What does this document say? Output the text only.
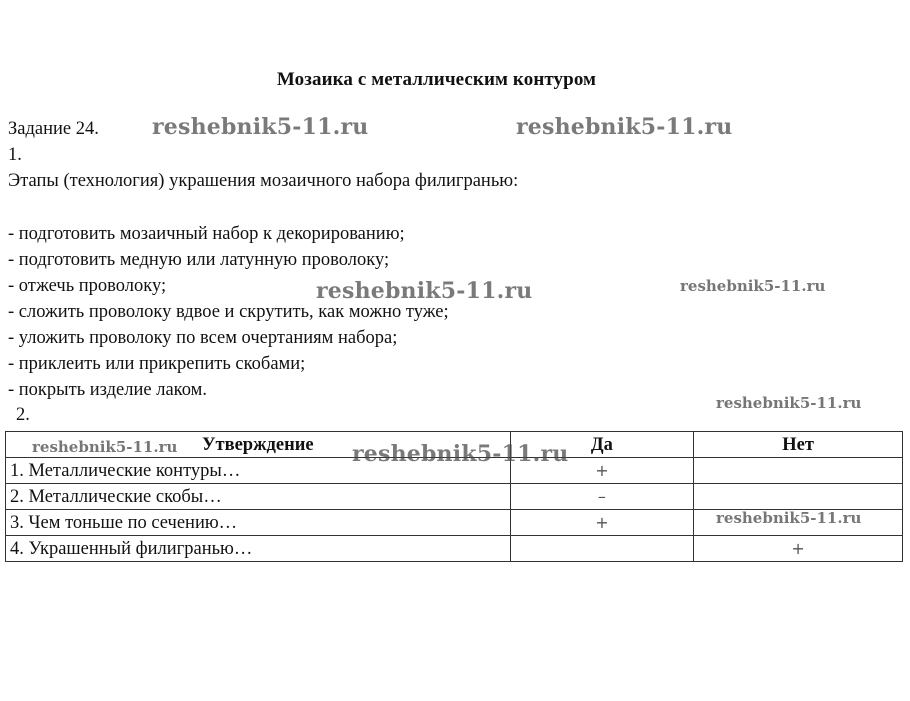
Мозаика с металлическим контуром
Задание 24.
1.
Этапы (технология) украшения мозаичного набора филигранью:
- подготовить мозаичный набор к декорированию;
- подготовить медную или латунную проволоку;
- отжечь проволоку;
- сложить проволоку вдвое и скрутить, как можно туже;
- уложить проволоку по всем очертаниям набора;
- приклеить или прикрепить скобами;
- покрыть изделие лаком.
2.
Утверждение	Да	Нет
1. Металлические контуры…	+	
2. Металлические скобы…	–	
3. Чем тоньше по сечению…	+	
4. Украшенный филигранью…		+
reshebnik5-11.ru	reshebnik5-11.ru
reshebnik5-11.ru	reshebnik5-11.ru
reshebnik5-11.ru
reshebnik5-11.ru	reshebnik5-11.ru
reshebnik5-11.ru
